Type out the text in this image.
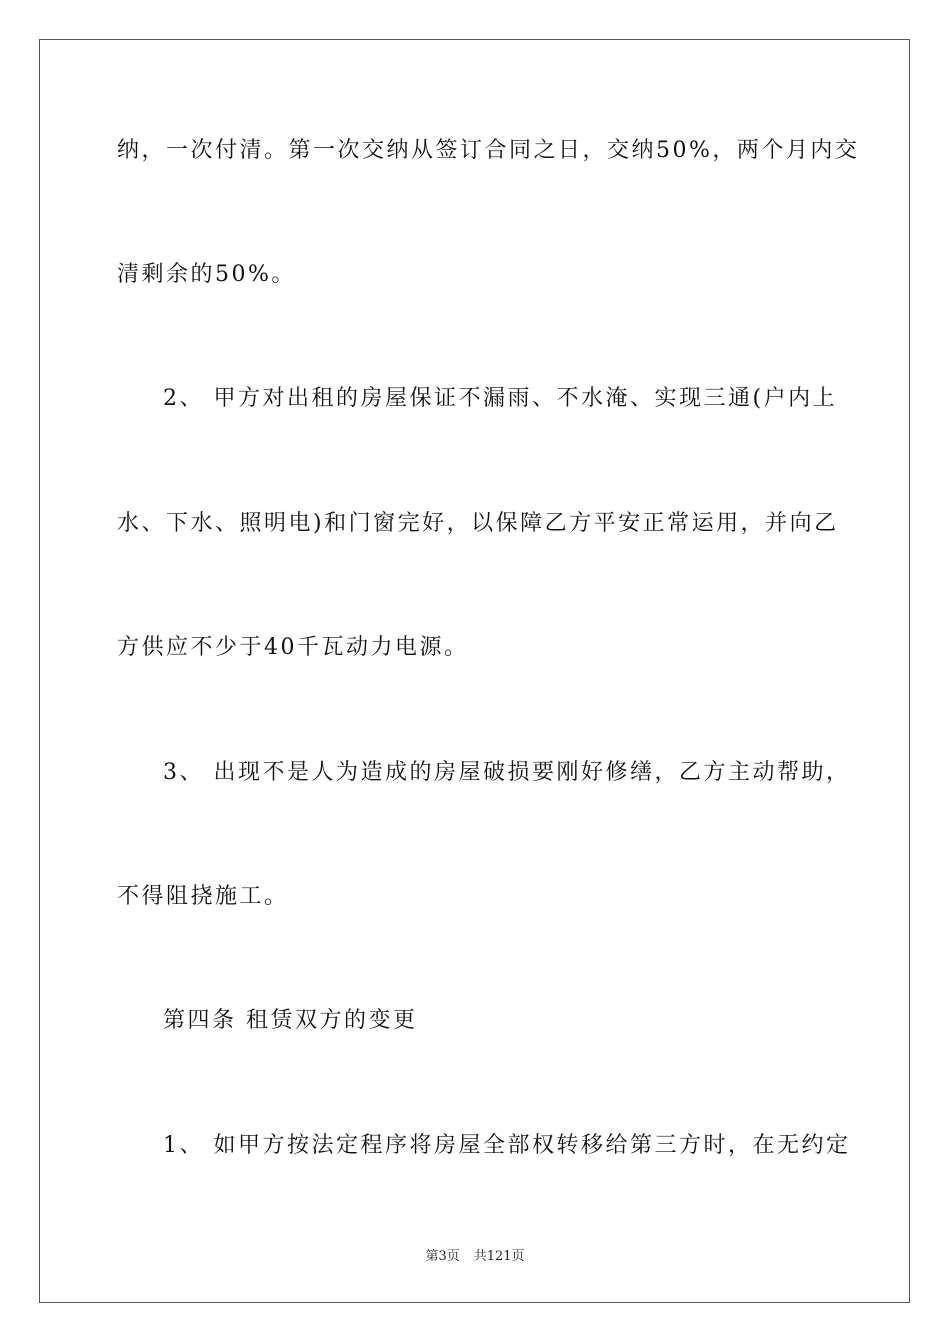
纳，一次付清。第一次交纳从签订合同之日，交纳50%，两个月内交
清剩余的50%。
2、 甲方对出租的房屋保证不漏雨、不水淹、实现三通(户内上
水、下水、照明电)和门窗完好，以保障乙方平安正常运用，并向乙
方供应不少于40千瓦动力电源。
3、 出现不是人为造成的房屋破损要刚好修缮，乙方主动帮助，
不得阻挠施工。
第四条 租赁双方的变更
1、 如甲方按法定程序将房屋全部权转移给第三方时，在无约定
第3页 共121页
